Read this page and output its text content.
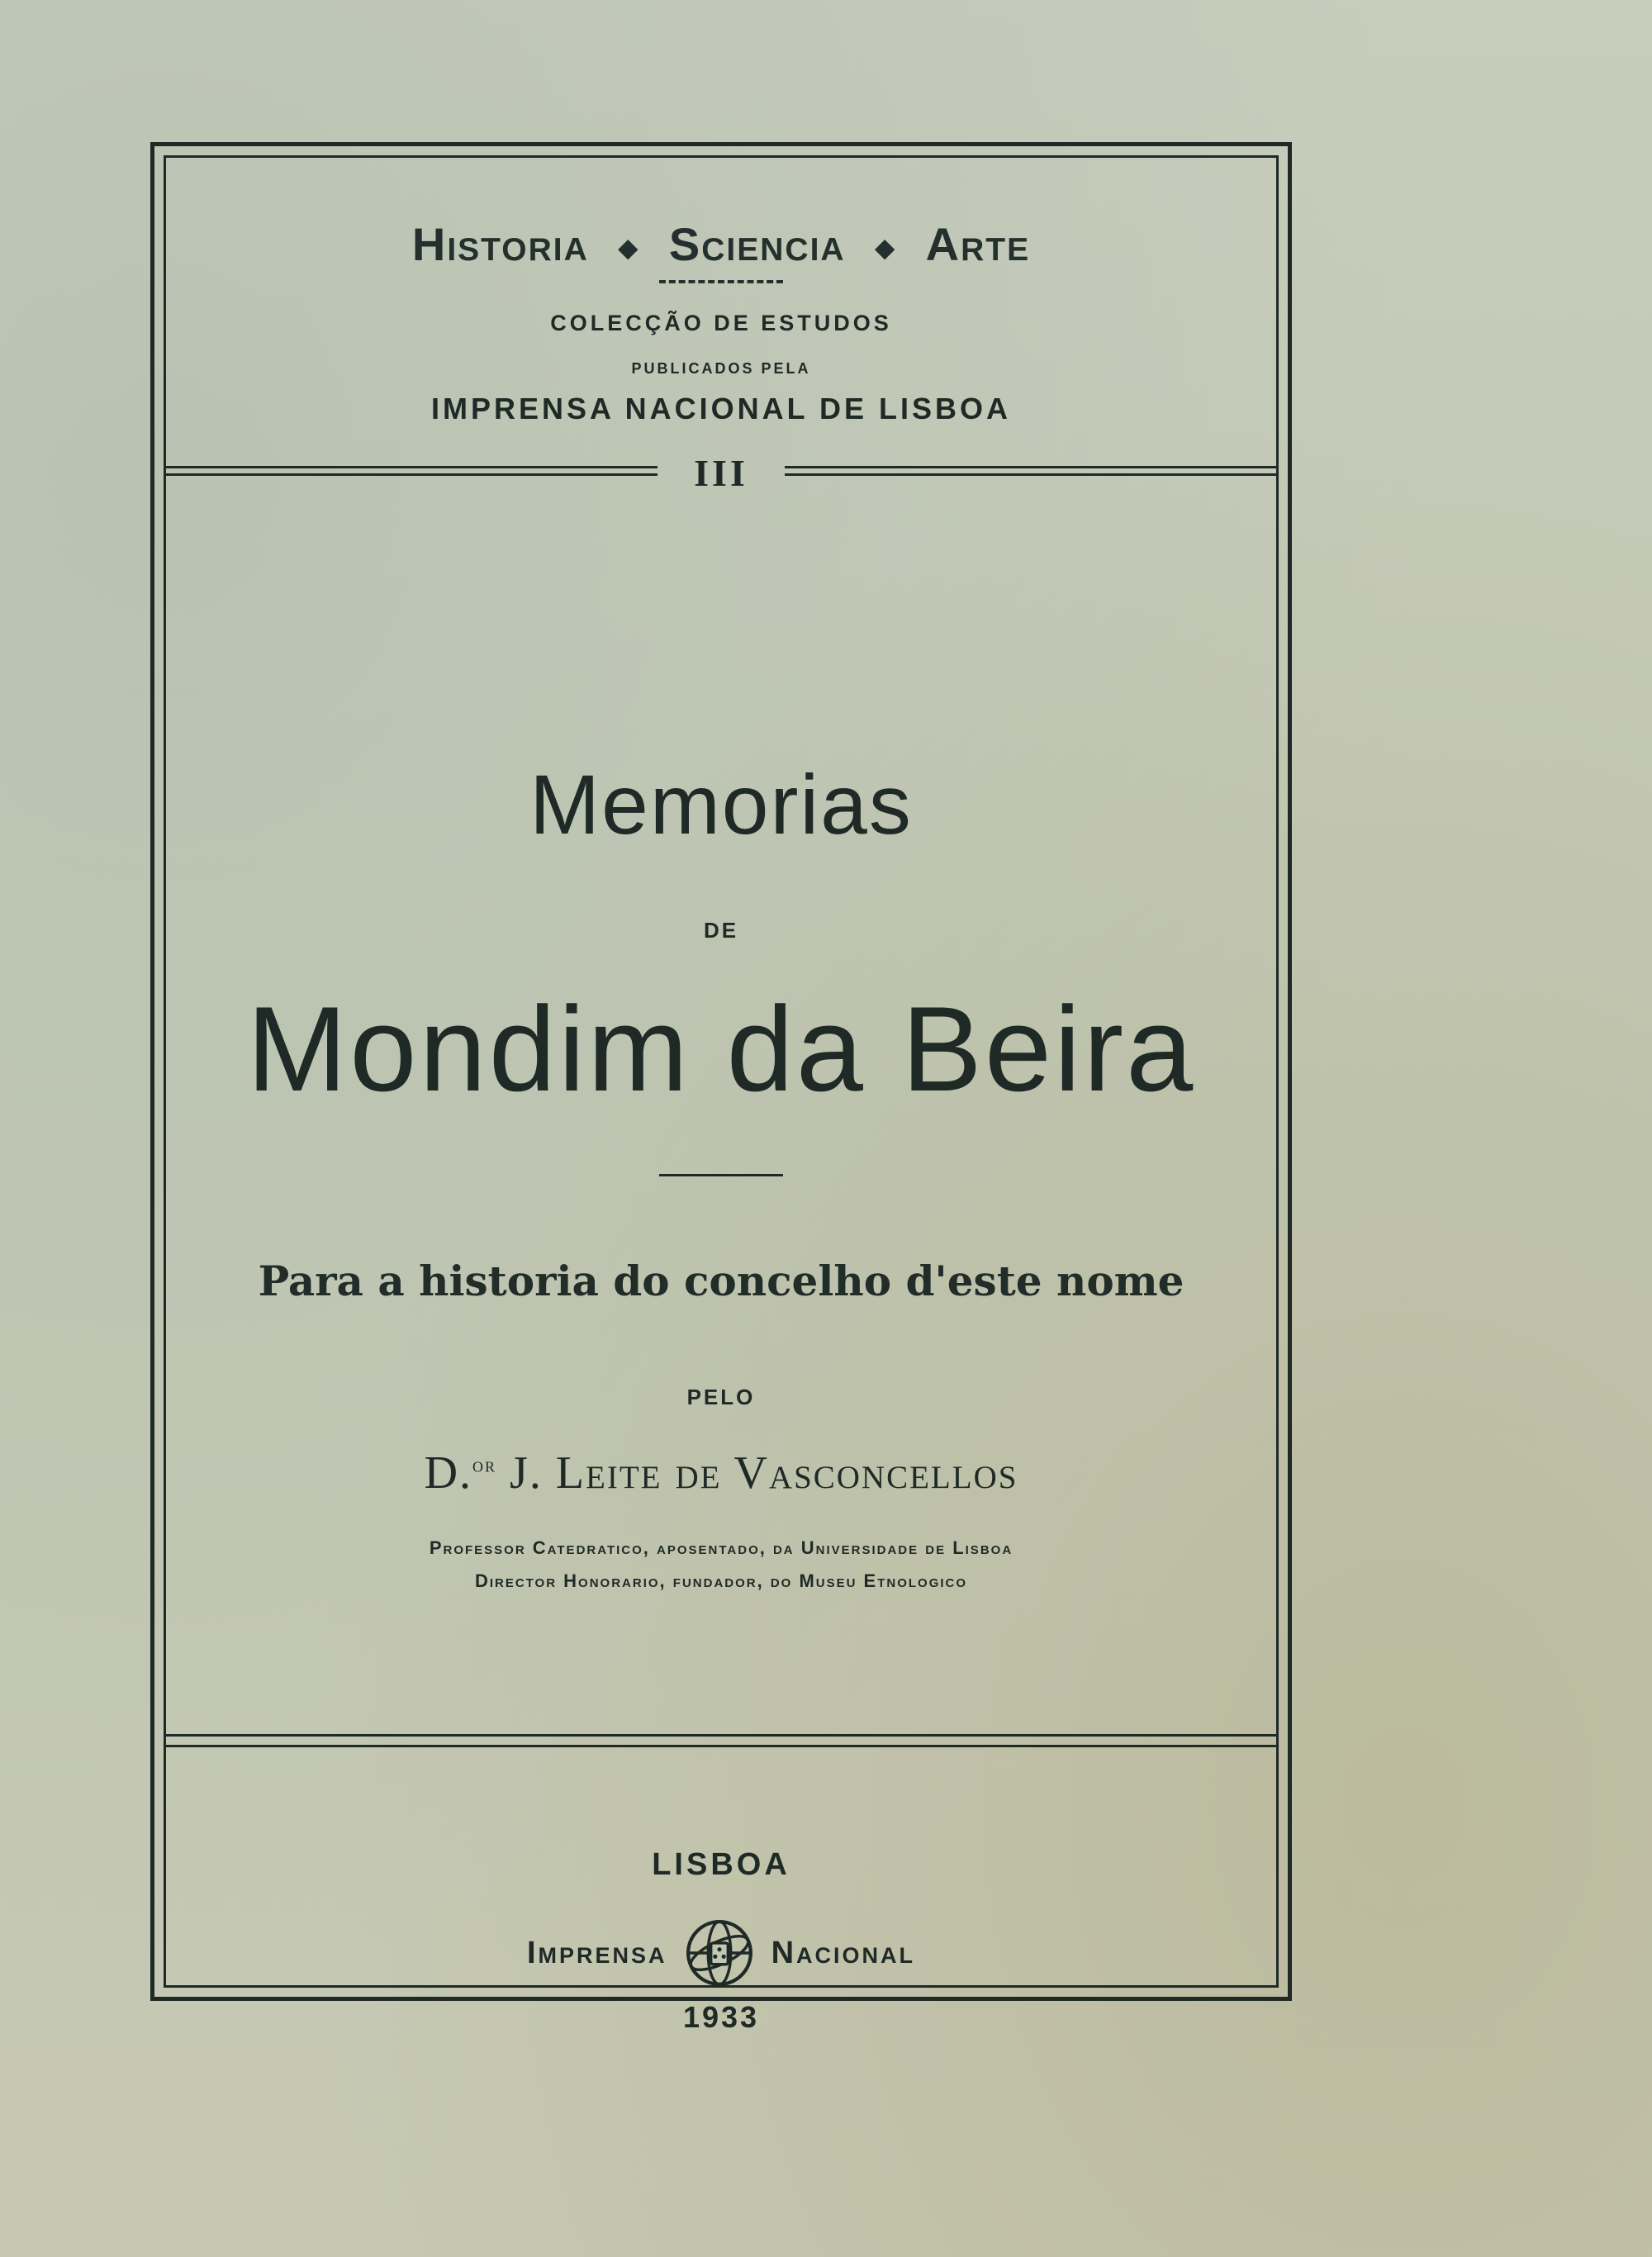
Historia ◆ Sciencia ◆ Arte
COLECÇÃO DE ESTUDOS
PUBLICADOS PELA
IMPRENSA NACIONAL DE LISBOA
III
Memorias
DE
Mondim da Beira
Para a historia do concelho d'este nome
PELO
D.$^{or}$ J. Leite de Vasconcellos
Professor Catedratico, aposentado, da Universidade de Lisboa
Director Honorario, fundador, do Museu Etnologico
LISBOA
Imprensa	Nacional
1933
